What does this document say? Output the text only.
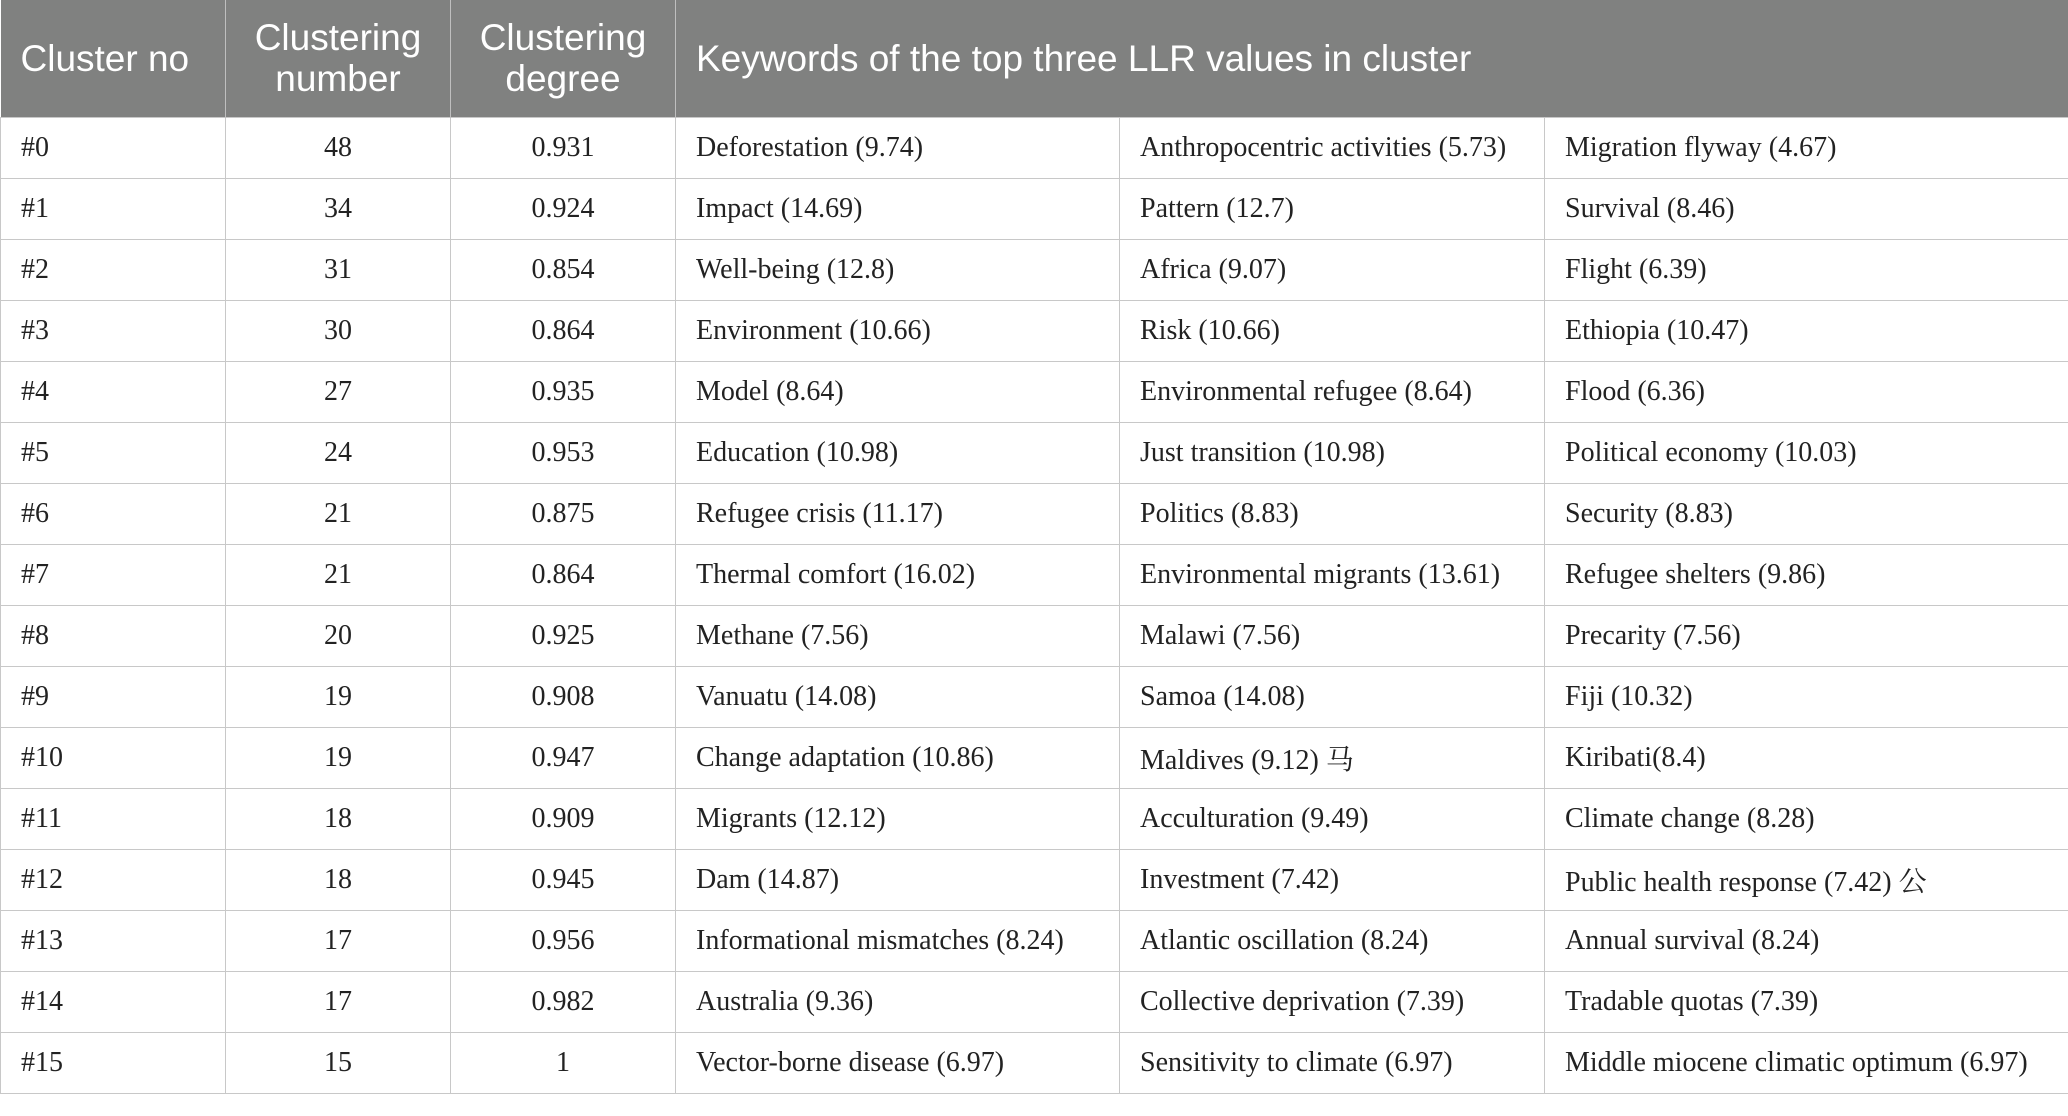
Cluster no	Clustering number	Clustering degree	Keywords of the top three LLR values in cluster		
#0	48	0.931	Deforestation (9.74)	Anthropocentric activities (5.73)	Migration flyway (4.67)
#1	34	0.924	Impact (14.69)	Pattern (12.7)	Survival (8.46)
#2	31	0.854	Well-being (12.8)	Africa (9.07)	Flight (6.39)
#3	30	0.864	Environment (10.66)	Risk (10.66)	Ethiopia (10.47)
#4	27	0.935	Model (8.64)	Environmental refugee (8.64)	Flood (6.36)
#5	24	0.953	Education (10.98)	Just transition (10.98)	Political economy (10.03)
#6	21	0.875	Refugee crisis (11.17)	Politics (8.83)	Security (8.83)
#7	21	0.864	Thermal comfort (16.02)	Environmental migrants (13.61)	Refugee shelters (9.86)
#8	20	0.925	Methane (7.56)	Malawi (7.56)	Precarity (7.56)
#9	19	0.908	Vanuatu (14.08)	Samoa (14.08)	Fiji (10.32)
#10	19	0.947	Change adaptation (10.86)	Maldives (9.12) 马	Kiribati(8.4)
#11	18	0.909	Migrants (12.12)	Acculturation (9.49)	Climate change (8.28)
#12	18	0.945	Dam (14.87)	Investment (7.42)	Public health response (7.42) 公
#13	17	0.956	Informational mismatches (8.24)	Atlantic oscillation (8.24)	Annual survival (8.24)
#14	17	0.982	Australia (9.36)	Collective deprivation (7.39)	Tradable quotas (7.39)
#15	15	1	Vector-borne disease (6.97)	Sensitivity to climate (6.97)	Middle miocene climatic optimum (6.97)
